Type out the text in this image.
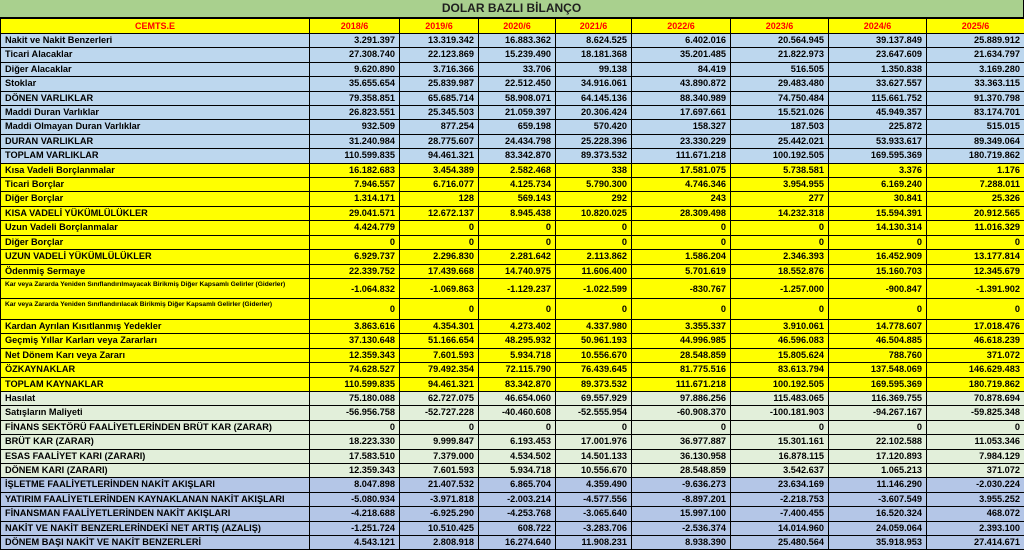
DOLAR BAZLI BİLANÇO
CEMTS.E	2018/6	2019/6	2020/6	2021/6	2022/6	2023/6	2024/6	2025/6
Nakit ve Nakit Benzerleri	3.291.397	13.319.342	16.883.362	8.624.525	6.402.016	20.564.945	39.137.849	25.889.912
Ticari Alacaklar	27.308.740	22.123.869	15.239.490	18.181.368	35.201.485	21.822.973	23.647.609	21.634.797
Diğer Alacaklar	9.620.890	3.716.366	33.706	99.138	84.419	516.505	1.350.838	3.169.280
Stoklar	35.655.654	25.839.987	22.512.450	34.916.061	43.890.872	29.483.480	33.627.557	33.363.115
DÖNEN VARLIKLAR	79.358.851	65.685.714	58.908.071	64.145.136	88.340.989	74.750.484	115.661.752	91.370.798
Maddi Duran Varlıklar	26.823.551	25.345.503	21.059.397	20.306.424	17.697.661	15.521.026	45.949.357	83.174.701
Maddi Olmayan Duran Varlıklar	932.509	877.254	659.198	570.420	158.327	187.503	225.872	515.015
DURAN VARLIKLAR	31.240.984	28.775.607	24.434.798	25.228.396	23.330.229	25.442.021	53.933.617	89.349.064
TOPLAM VARLIKLAR	110.599.835	94.461.321	83.342.870	89.373.532	111.671.218	100.192.505	169.595.369	180.719.862
Kısa Vadeli Borçlanmalar	16.182.683	3.454.389	2.582.468	338	17.581.075	5.738.581	3.376	1.176
Ticari Borçlar	7.946.557	6.716.077	4.125.734	5.790.300	4.746.346	3.954.955	6.169.240	7.288.011
Diğer Borçlar	1.314.171	128	569.143	292	243	277	30.841	25.326
KISA VADELİ YÜKÜMLÜLÜKLER	29.041.571	12.672.137	8.945.438	10.820.025	28.309.498	14.232.318	15.594.391	20.912.565
Uzun Vadeli Borçlanmalar	4.424.779	0	0	0	0	0	14.130.314	11.016.329
Diğer Borçlar	0	0	0	0	0	0	0	0
UZUN VADELİ YÜKÜMLÜLÜKLER	6.929.737	2.296.830	2.281.642	2.113.862	1.586.204	2.346.393	16.452.909	13.177.814
Ödenmiş Sermaye	22.339.752	17.439.668	14.740.975	11.606.400	5.701.619	18.552.876	15.160.703	12.345.679
Kar veya Zararda Yeniden Sınıflandırılmayacak Birikmiş Diğer Kapsamlı Gelirler (Giderler)	-1.064.832	-1.069.863	-1.129.237	-1.022.599	-830.767	-1.257.000	-900.847	-1.391.902
Kar veya Zararda Yeniden Sınıflandırılacak Birikmiş Diğer Kapsamlı Gelirler (Giderler)	0	0	0	0	0	0	0	0
Kardan Ayrılan Kısıtlanmış Yedekler	3.863.616	4.354.301	4.273.402	4.337.980	3.355.337	3.910.061	14.778.607	17.018.476
Geçmiş Yıllar Karları veya Zararları	37.130.648	51.166.654	48.295.932	50.961.193	44.996.985	46.596.083	46.504.885	46.618.239
Net Dönem Karı veya Zararı	12.359.343	7.601.593	5.934.718	10.556.670	28.548.859	15.805.624	788.760	371.072
ÖZKAYNAKLAR	74.628.527	79.492.354	72.115.790	76.439.645	81.775.516	83.613.794	137.548.069	146.629.483
TOPLAM KAYNAKLAR	110.599.835	94.461.321	83.342.870	89.373.532	111.671.218	100.192.505	169.595.369	180.719.862
Hasılat	75.180.088	62.727.075	46.654.060	69.557.929	97.886.256	115.483.065	116.369.755	70.878.694
Satışların Maliyeti	-56.956.758	-52.727.228	-40.460.608	-52.555.954	-60.908.370	-100.181.903	-94.267.167	-59.825.348
FİNANS SEKTÖRÜ FAALİYETLERİNDEN BRÜT KAR (ZARAR)	0	0	0	0	0	0	0	0
BRÜT KAR (ZARAR)	18.223.330	9.999.847	6.193.453	17.001.976	36.977.887	15.301.161	22.102.588	11.053.346
ESAS FAALİYET KARI (ZARARI)	17.583.510	7.379.000	4.534.502	14.501.133	36.130.958	16.878.115	17.120.893	7.984.129
DÖNEM KARI (ZARARI)	12.359.343	7.601.593	5.934.718	10.556.670	28.548.859	3.542.637	1.065.213	371.072
İŞLETME FAALİYETLERİNDEN NAKİT AKIŞLARI	8.047.898	21.407.532	6.865.704	4.359.490	-9.636.273	23.634.169	11.146.290	-2.030.224
YATIRIM FAALİYETLERİNDEN KAYNAKLANAN NAKİT AKIŞLARI	-5.080.934	-3.971.818	-2.003.214	-4.577.556	-8.897.201	-2.218.753	-3.607.549	3.955.252
FİNANSMAN FAALİYETLERİNDEN NAKİT AKIŞLARI	-4.218.688	-6.925.290	-4.253.768	-3.065.640	15.997.100	-7.400.455	16.520.324	468.072
NAKİT VE NAKİT BENZERLERİNDEKİ NET ARTIŞ (AZALIŞ)	-1.251.724	10.510.425	608.722	-3.283.706	-2.536.374	14.014.960	24.059.064	2.393.100
DÖNEM BAŞI NAKİT VE NAKİT BENZERLERİ	4.543.121	2.808.918	16.274.640	11.908.231	8.938.390	25.480.564	35.918.953	27.414.671
